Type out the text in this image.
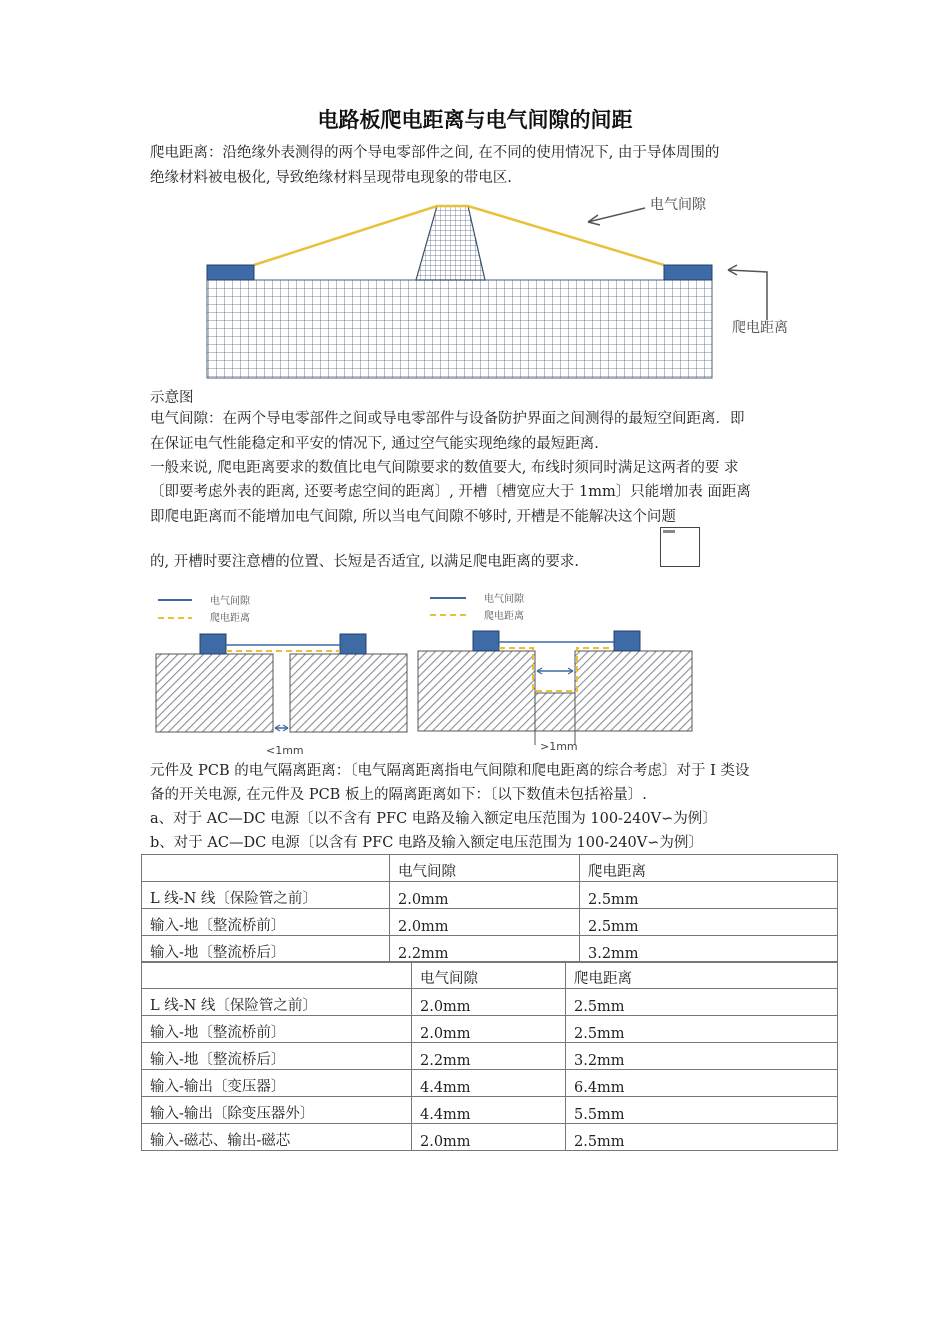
电路板爬电距离与电气间隙的间距
爬电距离：沿绝缘外表测得的两个导电零部件之间, 在不同的使用情况下, 由于导体周围的
绝缘材料被电极化, 导致绝缘材料呈现带电现象的带电区.
电气间隙
爬电距离
示意图
电气间隙：在两个导电零部件之间或导电零部件与设备防护界面之间测得的最短空间距离．即
在保证电气性能稳定和平安的情况下, 通过空气能实现绝缘的最短距离.
一般来说, 爬电距离要求的数值比电气间隙要求的数值要大, 布线时须同时满足这两者的要 求
〔即要考虑外表的距离, 还要考虑空间的距离〕, 开槽〔槽宽应大于 1mm〕只能增加表 面距离
即爬电距离而不能增加电气间隙, 所以当电气间隙不够时, 开槽是不能解决这个问题
的, 开槽时要注意槽的位置、长短是否适宜, 以满足爬电距离的要求.
电气间隙
爬电距离
电气间隙
爬电距离
<1mm	>1mm
元件及 PCB 的电气隔离距离：〔电气隔离距离指电气间隙和爬电距离的综合考虑〕对于 I 类设
备的开关电源, 在元件及 PCB 板上的隔离距离如下：〔以下数值未包括裕量〕.
a、对于 AC—DC 电源〔以不含有 PFC 电路及输入额定电压范围为 100-240V∽为例〕
b、对于 AC—DC 电源〔以含有 PFC 电路及输入额定电压范围为 100-240V∽为例〕
	电气间隙	爬电距离
L 线-N 线〔保险管之前〕	2.0mm	2.5mm
输入-地〔整流桥前〕	2.0mm	2.5mm
输入-地〔整流桥后〕	2.2mm	3.2mm
	电气间隙	爬电距离
L 线-N 线〔保险管之前〕	2.0mm	2.5mm
输入-地〔整流桥前〕	2.0mm	2.5mm
输入-地〔整流桥后〕	2.2mm	3.2mm
输入-输出〔变压器〕	4.4mm	6.4mm
输入-输出〔除变压器外〕	4.4mm	5.5mm
输入-磁芯、输出-磁芯	2.0mm	2.5mm
